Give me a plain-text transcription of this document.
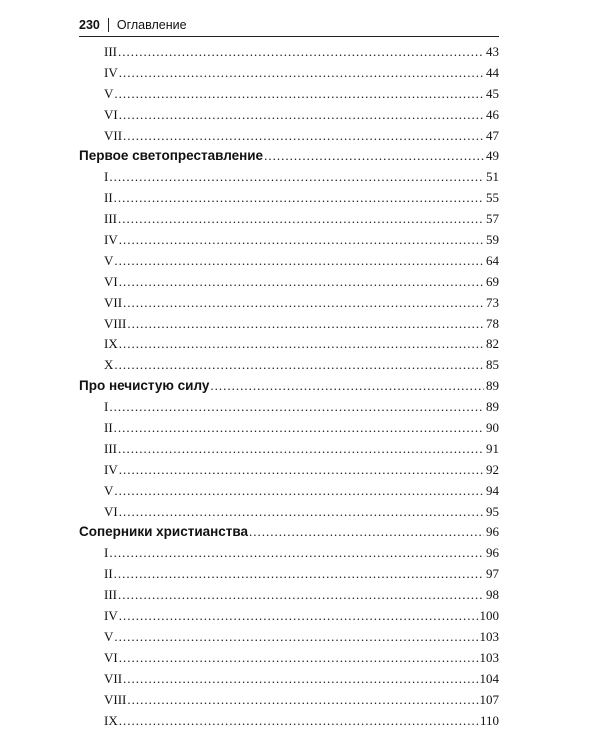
230 Оглавление
III .....	43
IV .....	44
V .....	45
VI .....	46
VII .....	47
Первое светопреставление .....	49
I .....	51
II .....	55
III .....	57
IV .....	59
V .....	64
VI .....	69
VII .....	73
VIII .....	78
IX .....	82
X .....	85
Про нечистую силу .....	89
I .....	89
II .....	90
III .....	91
IV .....	92
V .....	94
VI .....	95
Соперники христианства .....	96
I .....	96
II .....	97
III .....	98
IV .....	100
V .....	103
VI .....	103
VII .....	104
VIII .....	107
IX .....	110
